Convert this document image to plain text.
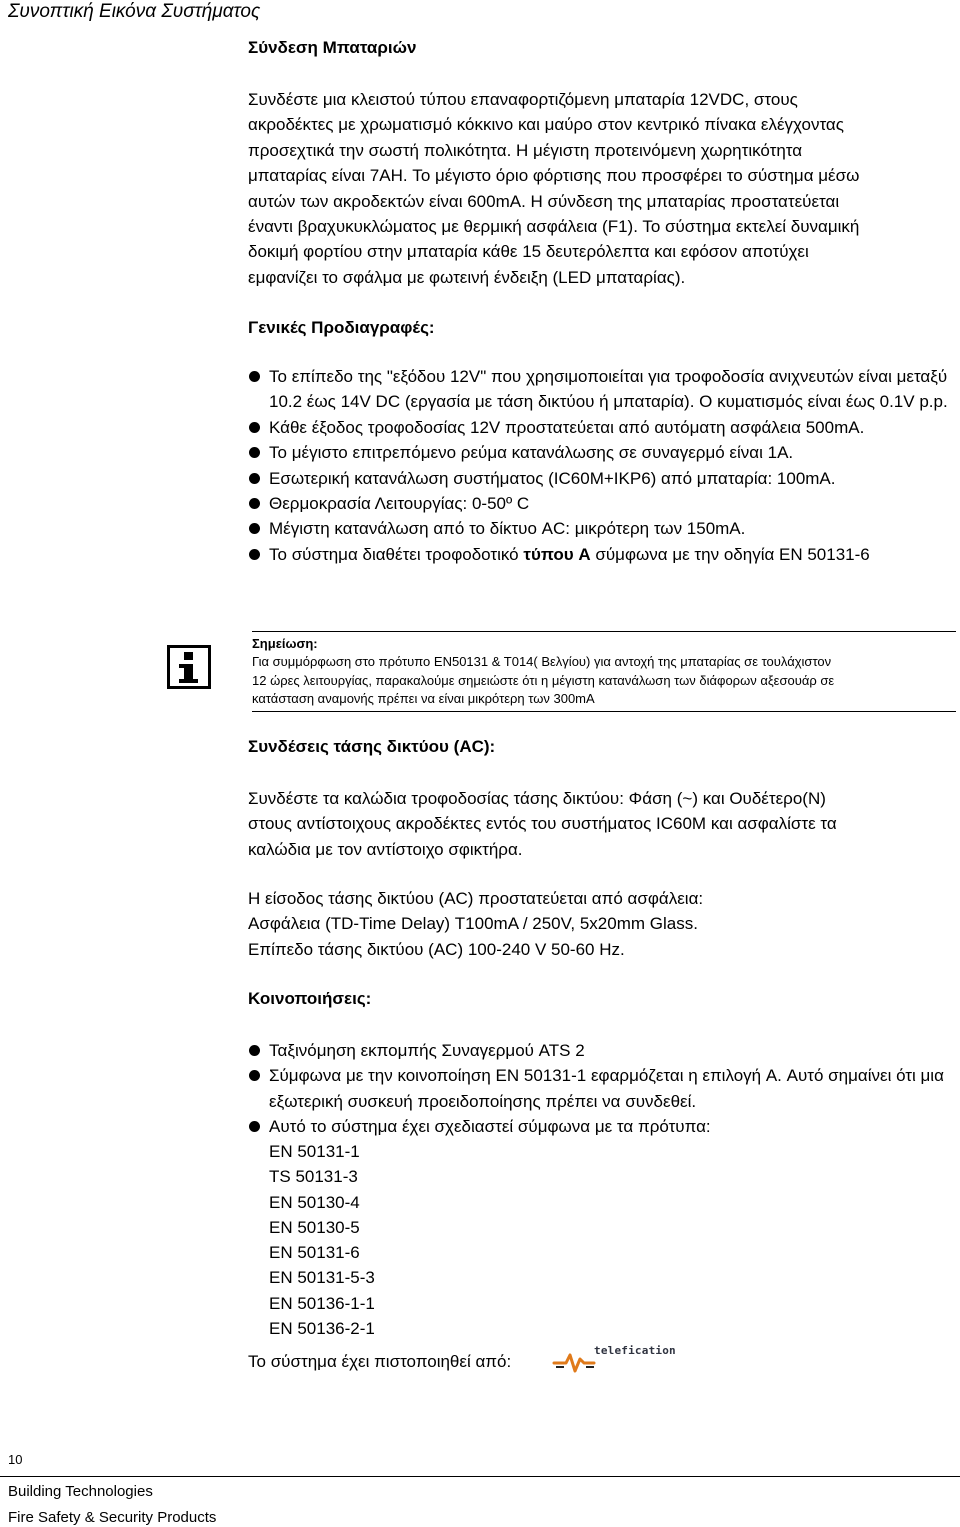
Συνοπτική Εικόνα Συστήματος
Σύνδεση Μπαταριών
Συνδέστε μια κλειστού τύπου επαναφορτιζόμενη μπαταρία 12VDC, στους
ακροδέκτες με χρωματισμό κόκκινο και μαύρο στον κεντρικό πίνακα ελέγχοντας
προσεχτικά την σωστή πολικότητα. Η μέγιστη προτεινόμενη χωρητικότητα
μπαταρίας είναι 7AH. Το μέγιστο όριο φόρτισης που προσφέρει το σύστημα μέσω
αυτών των ακροδεκτών είναι 600mA. Η σύνδεση της μπαταρίας προστατεύεται
έναντι βραχυκυκλώματος με θερμική ασφάλεια (F1). Το σύστημα εκτελεί δυναμική
δοκιμή φορτίου στην μπαταρία κάθε 15 δευτερόλεπτα και εφόσον αποτύχει
εμφανίζει το σφάλμα με φωτεινή ένδειξη (LED μπαταρίας).
Γενικές Προδιαγραφές:
Το επίπεδο της "εξόδου 12V" που χρησιμοποιείται για τροφοδοσία ανιχνευτών είναι μεταξύ 10.2 έως 14V DC (εργασία με τάση δικτύου ή μπαταρία). Ο κυματισμός είναι έως 0.1V p.p.
Κάθε έξοδος τροφοδοσίας 12V προστατεύεται από αυτόματη ασφάλεια 500mA.
Το μέγιστο επιτρεπόμενο ρεύμα κατανάλωσης σε συναγερμό είναι 1A.
Εσωτερική κατανάλωση συστήματος (IC60M+IKP6) από μπαταρία: 100mA.
Θερμοκρασία Λειτουργίας: 0-50º C
Μέγιστη κατανάλωση από το δίκτυο AC: μικρότερη των 150mA.
Το σύστημα διαθέτει τροφοδοτικό τύπου A σύμφωνα με την οδηγία EN 50131-6
Σημείωση:
Για συμμόρφωση στο πρότυπο EN50131 & T014( Βελγίου) για αντοχή της μπαταρίας σε τουλάχιστον
12 ώρες λειτουργίας, παρακαλούμε σημειώστε ότι η μέγιστη κατανάλωση των διάφορων αξεσουάρ σε
κατάσταση αναμονής πρέπει να είναι μικρότερη των 300mA
Συνδέσεις τάσης δικτύου (AC):
Συνδέστε τα καλώδια τροφοδοσίας τάσης δικτύου: Φάση (~) και Ουδέτερο(N)
στους αντίστοιχους ακροδέκτες εντός του συστήματος IC60M και ασφαλίστε τα
καλώδια με τον αντίστοιχο σφικτήρα.
Η είσοδος τάσης δικτύου (AC) προστατεύεται από ασφάλεια:
Ασφάλεια (TD-Time Delay) T100mA / 250V, 5x20mm Glass.
Επίπεδο τάσης δικτύου (AC) 100-240 V 50-60 Hz.
Κοινοποιήσεις:
Ταξινόμηση εκπομπής Συναγερμού ATS 2
Σύμφωνα με την κοινοποίηση EN 50131-1 εφαρμόζεται η επιλογή A. Αυτό σημαίνει ότι μια εξωτερική συσκευή προειδοποίησης πρέπει να συνδεθεί.
Αυτό το σύστημα έχει σχεδιαστεί σύμφωνα με τα πρότυπα:
EN 50131-1
TS 50131-3
EN 50130-4
EN 50130-5
EN 50131-6
EN 50131-5-3
EN 50136-1-1
EN 50136-2-1
Το σύστημα έχει πιστοποιηθεί από:
telefication
10
Building Technologies
Fire Safety & Security Products
